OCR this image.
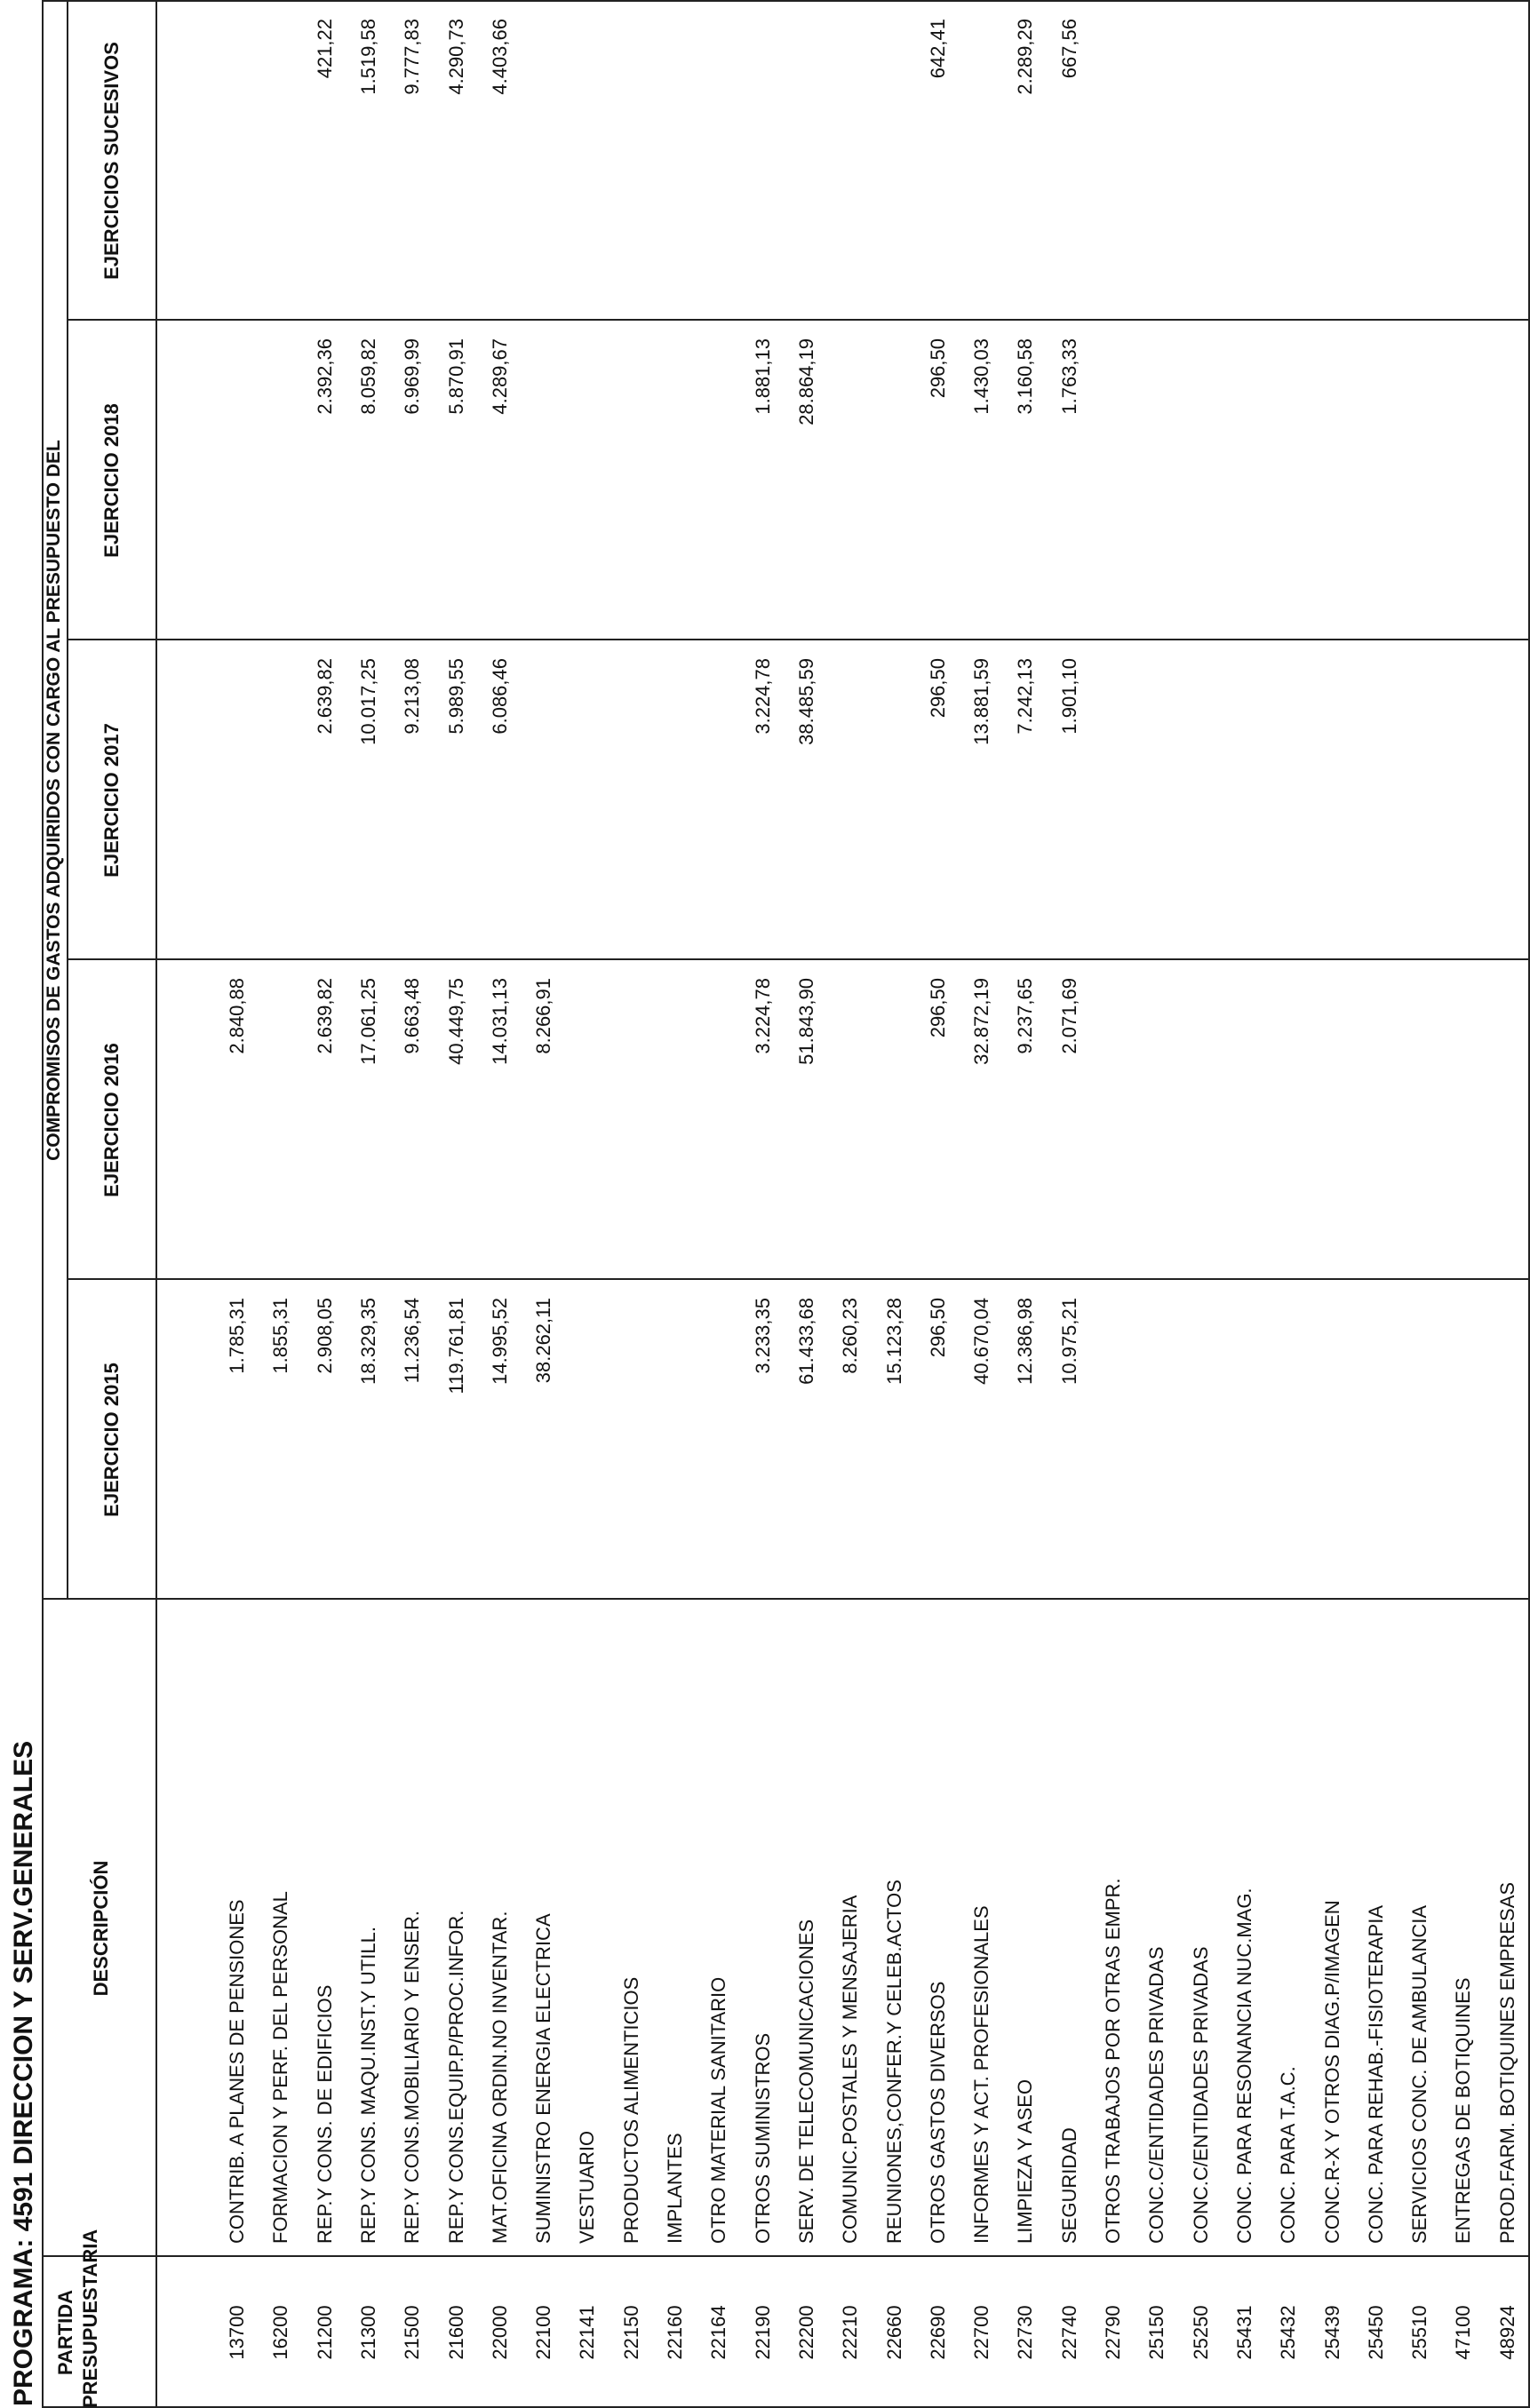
PROGRAMA: 4591 DIRECCION Y SERV.GENERALES PARTIDA PRESUPUESTARIA
DESCRIPCIÓN
COMPROMISOS DE GASTOS ADQUIRIDOS CON CARGO AL PRESUPUESTO DEL
EJERCICIO 2015
EJERCICIO 2016
EJERCICIO 2017
EJERCICIO 2018
EJERCICIOS SUCESIVOS
13700
CONTRIB. A PLANES DE PENSIONES
1.785,31
2.840,88
16200
FORMACION Y PERF. DEL PERSONAL
1.855,31
21200
REP.Y CONS. DE EDIFICIOS
2.908,05
2.639,82
2.639,82
2.392,36
421,22
21300
REP.Y CONS. MAQU.INST.Y UTILL.
18.329,35
17.061,25
10.017,25
8.059,82
1.519,58
21500
REP.Y CONS.MOBILIARIO Y ENSER.
11.236,54
9.663,48
9.213,08
6.969,99
9.777,83
21600
REP.Y CONS.EQUIP.P/PROC.INFOR.
119.761,81
40.449,75
5.989,55
5.870,91
4.290,73
22000
MAT.OFICINA ORDIN.NO INVENTAR.
14.995,52
14.031,13
6.086,46
4.289,67
4.403,66
22100
SUMINISTRO ENERGIA ELECTRICA
38.262,11
8.266,91
22141
VESTUARIO
22150
PRODUCTOS ALIMENTICIOS
22160
IMPLANTES
22164
OTRO MATERIAL SANITARIO
22190
OTROS SUMINISTROS
3.233,35
3.224,78
3.224,78
1.881,13
22200
SERV. DE TELECOMUNICACIONES
61.433,68
51.843,90
38.485,59
28.864,19
22210
COMUNIC.POSTALES Y MENSAJERIA
8.260,23
22660
REUNIONES,CONFER.Y CELEB.ACTOS
15.123,28
22690
OTROS GASTOS DIVERSOS
296,50
296,50
296,50
296,50
642,41
22700
INFORMES Y ACT. PROFESIONALES
40.670,04
32.872,19
13.881,59
1.430,03
22730
LIMPIEZA Y ASEO
12.386,98
9.237,65
7.242,13
3.160,58
2.289,29
22740
SEGURIDAD
10.975,21
2.071,69
1.901,10
1.763,33
667,56
22790
OTROS TRABAJOS POR OTRAS EMPR.
25150
CONC.C/ENTIDADES PRIVADAS
25250
CONC.C/ENTIDADES PRIVADAS
25431
CONC. PARA RESONANCIA NUC.MAG.
25432
CONC. PARA T.A.C.
25439
CONC.R-X Y OTROS DIAG.P/IMAGEN
25450
CONC. PARA REHAB.-FISIOTERAPIA
25510
SERVICIOS CONC. DE AMBULANCIA
47100
ENTREGAS DE BOTIQUINES
48924
PROD.FARM. BOTIQUINES EMPRESAS
